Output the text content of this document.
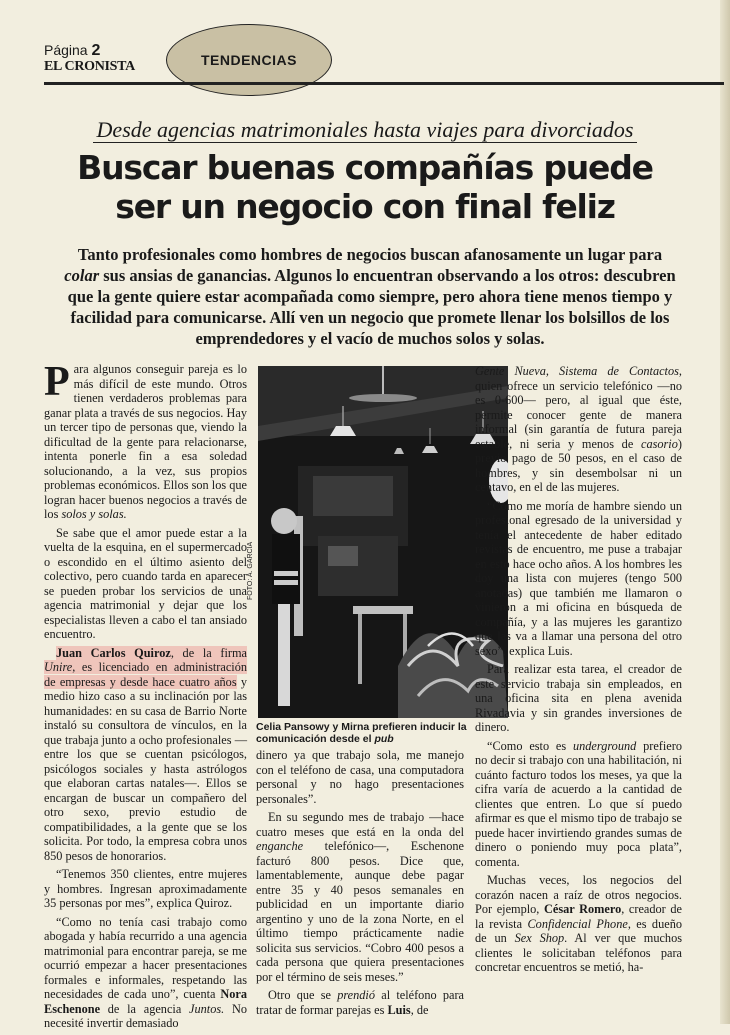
Página 2
EL CRONISTA	TENDENCIAS
Desde agencias matrimoniales hasta viajes para divorciados
Buscar buenas compañías puede
ser un negocio con final feliz
Tanto profesionales como hombres de negocios buscan afanosamente un lugar para colar sus ansias de ganancias. Algunos lo encuentran observando a los otros: descubren que la gente quiere estar acompañada como siempre, pero ahora tiene menos tiempo y facilidad para comunicarse. Allí ven un negocio que promete llenar los bolsillos de los emprendedores y el vacío de muchos solos y solas.

Para algunos conseguir pareja es lo más difícil de este mundo. Otros tienen verdaderos problemas para ganar plata a través de sus negocios. Hay un tercer tipo de personas que, viendo la dificultad de la gente para relacionarse, intenta ponerle fin a esa soledad solucionando, a la vez, sus propios problemas económicos. Ellos son los que logran hacer buenos negocios a través de los solos y solas.

Se sabe que el amor puede estar a la vuelta de la esquina, en el supermercado o escondido en el último asiento del colectivo, pero cuando tarda en aparecer se pueden probar los servicios de una agencia matrimonial y dejar que los especialistas lleven a cabo el tan ansiado encuentro.

Juan Carlos Quiroz, de la firma Unire, es licenciado en administración de empresas y desde hace cuatro años y medio hizo caso a su inclinación por las humanidades: en su casa de Barrio Norte instaló su consultora de vínculos, en la que trabaja junto a ocho profesionales —entre los que se cuentan psicólogos, psicólogos sociales y hasta astrólogos que elaboran cartas natales—. Ellos se encargan de buscar un compañero del otro sexo, previo estudio de compatibilidades, a la gente que se los solicita. Por todo, la empresa cobra unos 850 pesos de honorarios.

“Tenemos 350 clientes, entre mujeres y hombres. Ingresan aproximadamente 35 personas por mes”, explica Quiroz.

“Como no tenía casi trabajo como abogada y había recurrido a una agencia matrimonial para encontrar pareja, se me ocurrió empezar a hacer presentaciones formales e informales, respetando las necesidades de cada uno”, cuenta Nora Eschenone de la agencia Juntos. No necesité invertir demasiado

FOTO: A. GARCIA
Celia Pansowy y Mirna prefieren inducir la comunicación desde el pub

dinero ya que trabajo sola, me manejo con el teléfono de casa, una computadora personal y no hago presentaciones personales”.

En su segundo mes de trabajo —hace cuatro meses que está en la onda del enganche telefónico—, Eschenone facturó 800 pesos. Dice que, lamentablemente, aunque debe pagar entre 35 y 40 pesos semanales en publicidad en un importante diario argentino y uno de la zona Norte, en el último tiempo prácticamente nadie solicita sus servicios. “Cobro 400 pesos a cada persona que quiera presentaciones por el término de seis meses.”

Otro que se prendió al teléfono para tratar de formar parejas es Luis, de

Gente Nueva, Sistema de Contactos, quien ofrece un servicio telefónico —no es 0-600— pero, al igual que éste, permite conocer gente de manera informal (sin garantía de futura pareja estable, ni seria y menos de casorio) previo pago de 50 pesos, en el caso de hombres, y sin desembolsar ni un centavo, en el de las mujeres.

“Como me moría de hambre siendo un profesional egresado de la universidad y tenía el antecedente de haber editado revistas de encuentro, me puse a trabajar en esto hace ocho años. A los hombres les doy una lista con mujeres (tengo 500 anotadas) que también me llamaron o vinieron a mi oficina en búsqueda de compañía, y a las mujeres les garantizo que las va a llamar una persona del otro sexo”, explica Luis.

Para realizar esta tarea, el creador de este servicio trabaja sin empleados, en una oficina sita en plena avenida Rivadavia y sin grandes inversiones de dinero.

“Como esto es underground prefiero no decir si trabajo con una habilitación, ni cuánto facturo todos los meses, ya que la cifra varía de acuerdo a la cantidad de clientes que entren. Lo que sí puedo afirmar es que el mismo tipo de trabajo se puede hacer invirtiendo grandes sumas de dinero o poniendo muy poca plata”, comenta.

Muchas veces, los negocios del corazón nacen a raíz de otros negocios. Por ejemplo, César Romero, creador de la revista Confidencial Phone, es dueño de un Sex Shop. Al ver que muchos clientes le solicitaban teléfonos para concretar encuentros se metió, ha-
